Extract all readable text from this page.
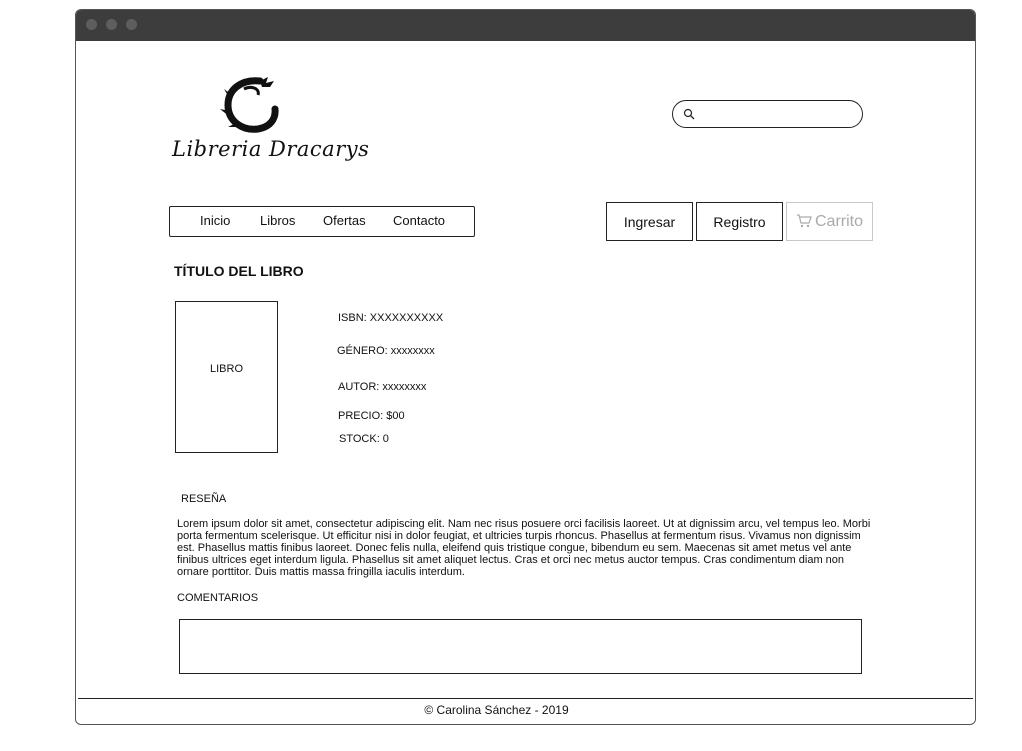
Libreria Dracarys
Inicio Libros Ofertas Contacto	Ingresar	Registro	Carrito
TÍTULO DEL LIBRO
LIBRO
ISBN: XXXXXXXXXX
GÉNERO: xxxxxxxx
AUTOR: xxxxxxxx
PRECIO: $00
STOCK: 0
RESEÑA
Lorem ipsum dolor sit amet, consectetur adipiscing elit. Nam nec risus posuere orci facilisis laoreet. Ut at dignissim arcu, vel tempus leo. Morbi porta fermentum scelerisque. Ut efficitur nisi in dolor feugiat, et ultricies turpis rhoncus. Phasellus at fermentum risus. Vivamus non dignissim est. Phasellus mattis finibus laoreet. Donec felis nulla, eleifend quis tristique congue, bibendum eu sem. Maecenas sit amet metus vel ante finibus ultrices eget interdum ligula. Phasellus sit amet aliquet lectus. Cras et orci nec metus auctor tempus. Cras condimentum diam non ornare porttitor. Duis mattis massa fringilla iaculis interdum.
COMENTARIOS
© Carolina Sánchez - 2019
